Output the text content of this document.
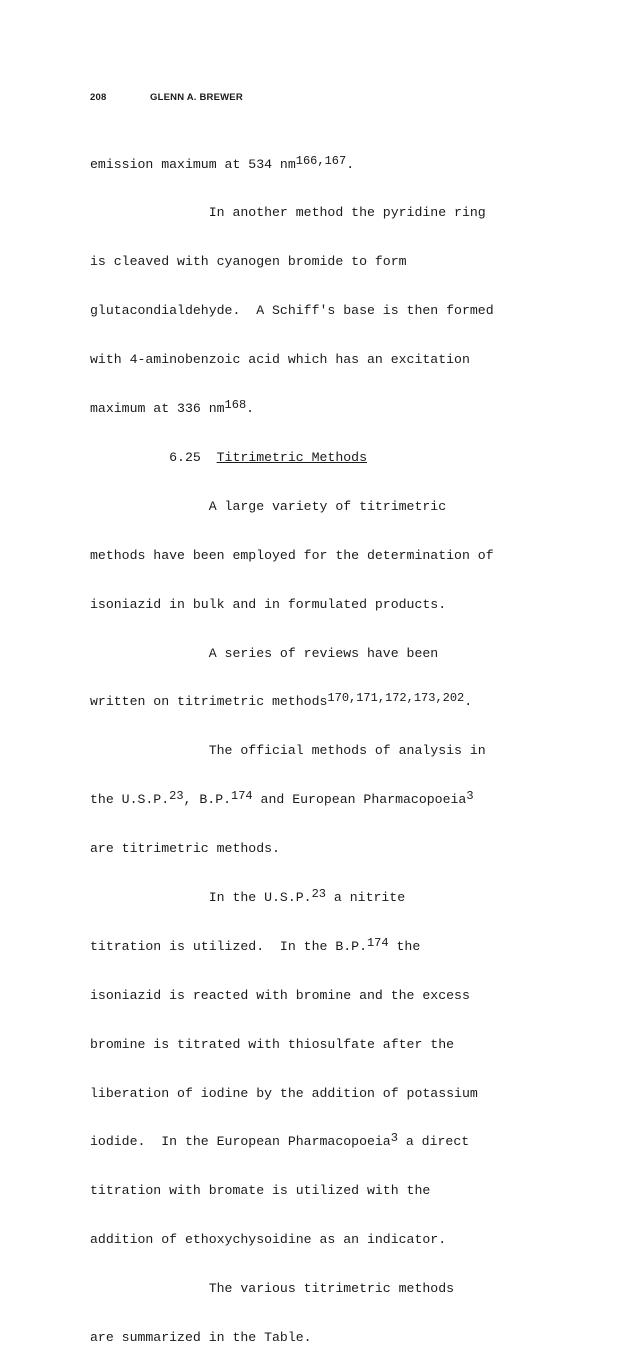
208	GLENN A. BREWER

emission maximum at 534 nm$^{166,167}$.

In another method the pyridine ring

is cleaved with cyanogen bromide to form

glutacondialdehyde.  A Schiff's base is then formed

with 4-aminobenzoic acid which has an excitation

maximum at 336 $nm^{168}$.

6.25 Titrimetric Methods

A large variety of titrimetric

methods have been employed for the determination of

isoniazid in bulk and in formulated products.

A series of reviews have been

written on titrimetric methods$^{170,171,172,173,202}$.

The official methods of analysis in

the U.S.P.$^{23}$, B.P.$^{174}$ and European Pharmacopoeia$^3$

are titrimetric methods.

In the U.S.P.$^{23}$ a nitrite

titration is utilized.  In the B.P.$^{174}$ the

isoniazid is reacted with bromine and the excess

bromine is titrated with thiosulfate after the

liberation of iodine by the addition of potassium

iodide.  In the European Pharmacopoeia$^3$ a direct

titration with bromate is utilized with the

addition of ethoxychysoidine as an indicator.

The various titrimetric methods

are summarized in the Table.
